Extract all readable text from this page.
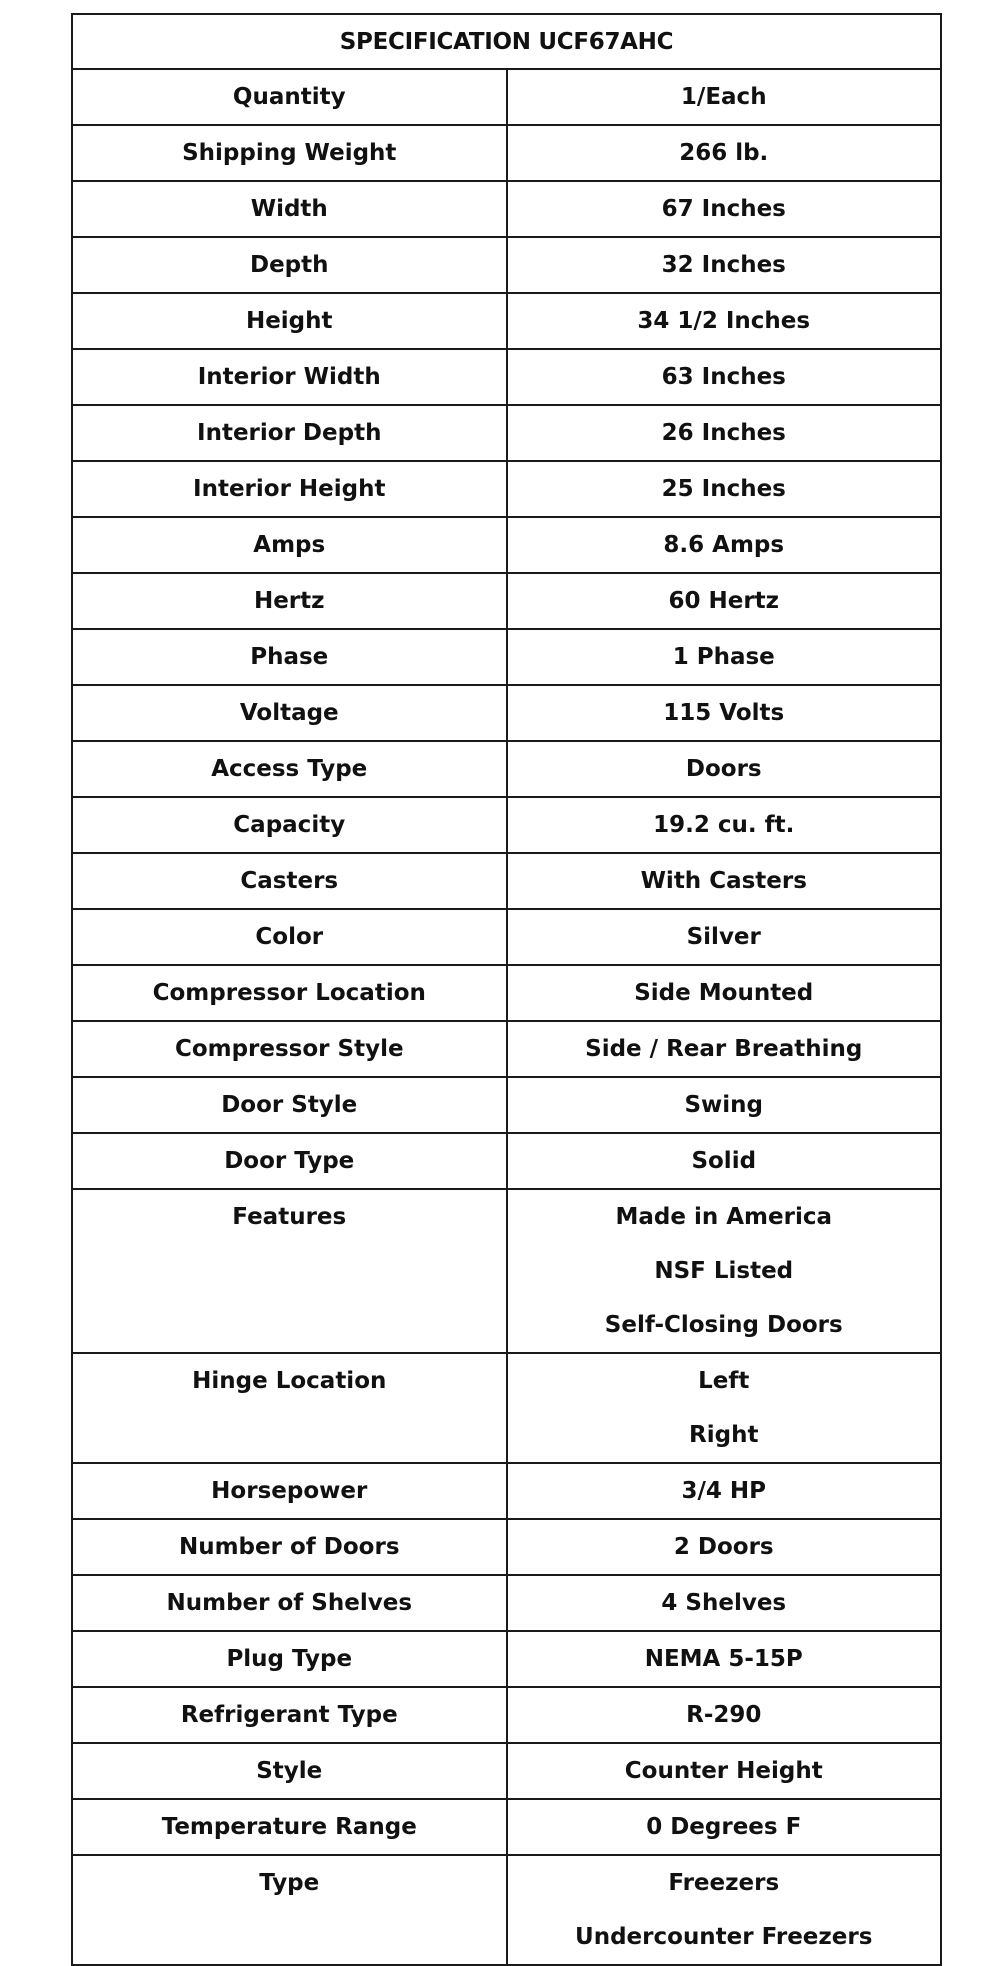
SPECIFICATION UCF67AHC	

Quantity	1/Each

Shipping Weight	266 lb.

Width	67 Inches

Depth	32 Inches

Height	34 1/2 Inches

Interior Width	63 Inches

Interior Depth	26 Inches

Interior Height	25 Inches

Amps	8.6 Amps

Hertz	60 Hertz

Phase	1 Phase

Voltage	115 Volts

Access Type	Doors

Capacity	19.2 cu. ft.

Casters	With Casters

Color	Silver

Compressor Location	Side Mounted

Compressor Style	Side / Rear Breathing

Door Style	Swing

Door Type	Solid

Features	Made in America
NSF Listed
Self-Closing Doors

Hinge Location	Left
Right

Horsepower	3/4 HP

Number of Doors	2 Doors

Number of Shelves	4 Shelves

Plug Type	NEMA 5-15P

Refrigerant Type	R-290

Style	Counter Height

Temperature Range	0 Degrees F

Type	Freezers
Undercounter Freezers
